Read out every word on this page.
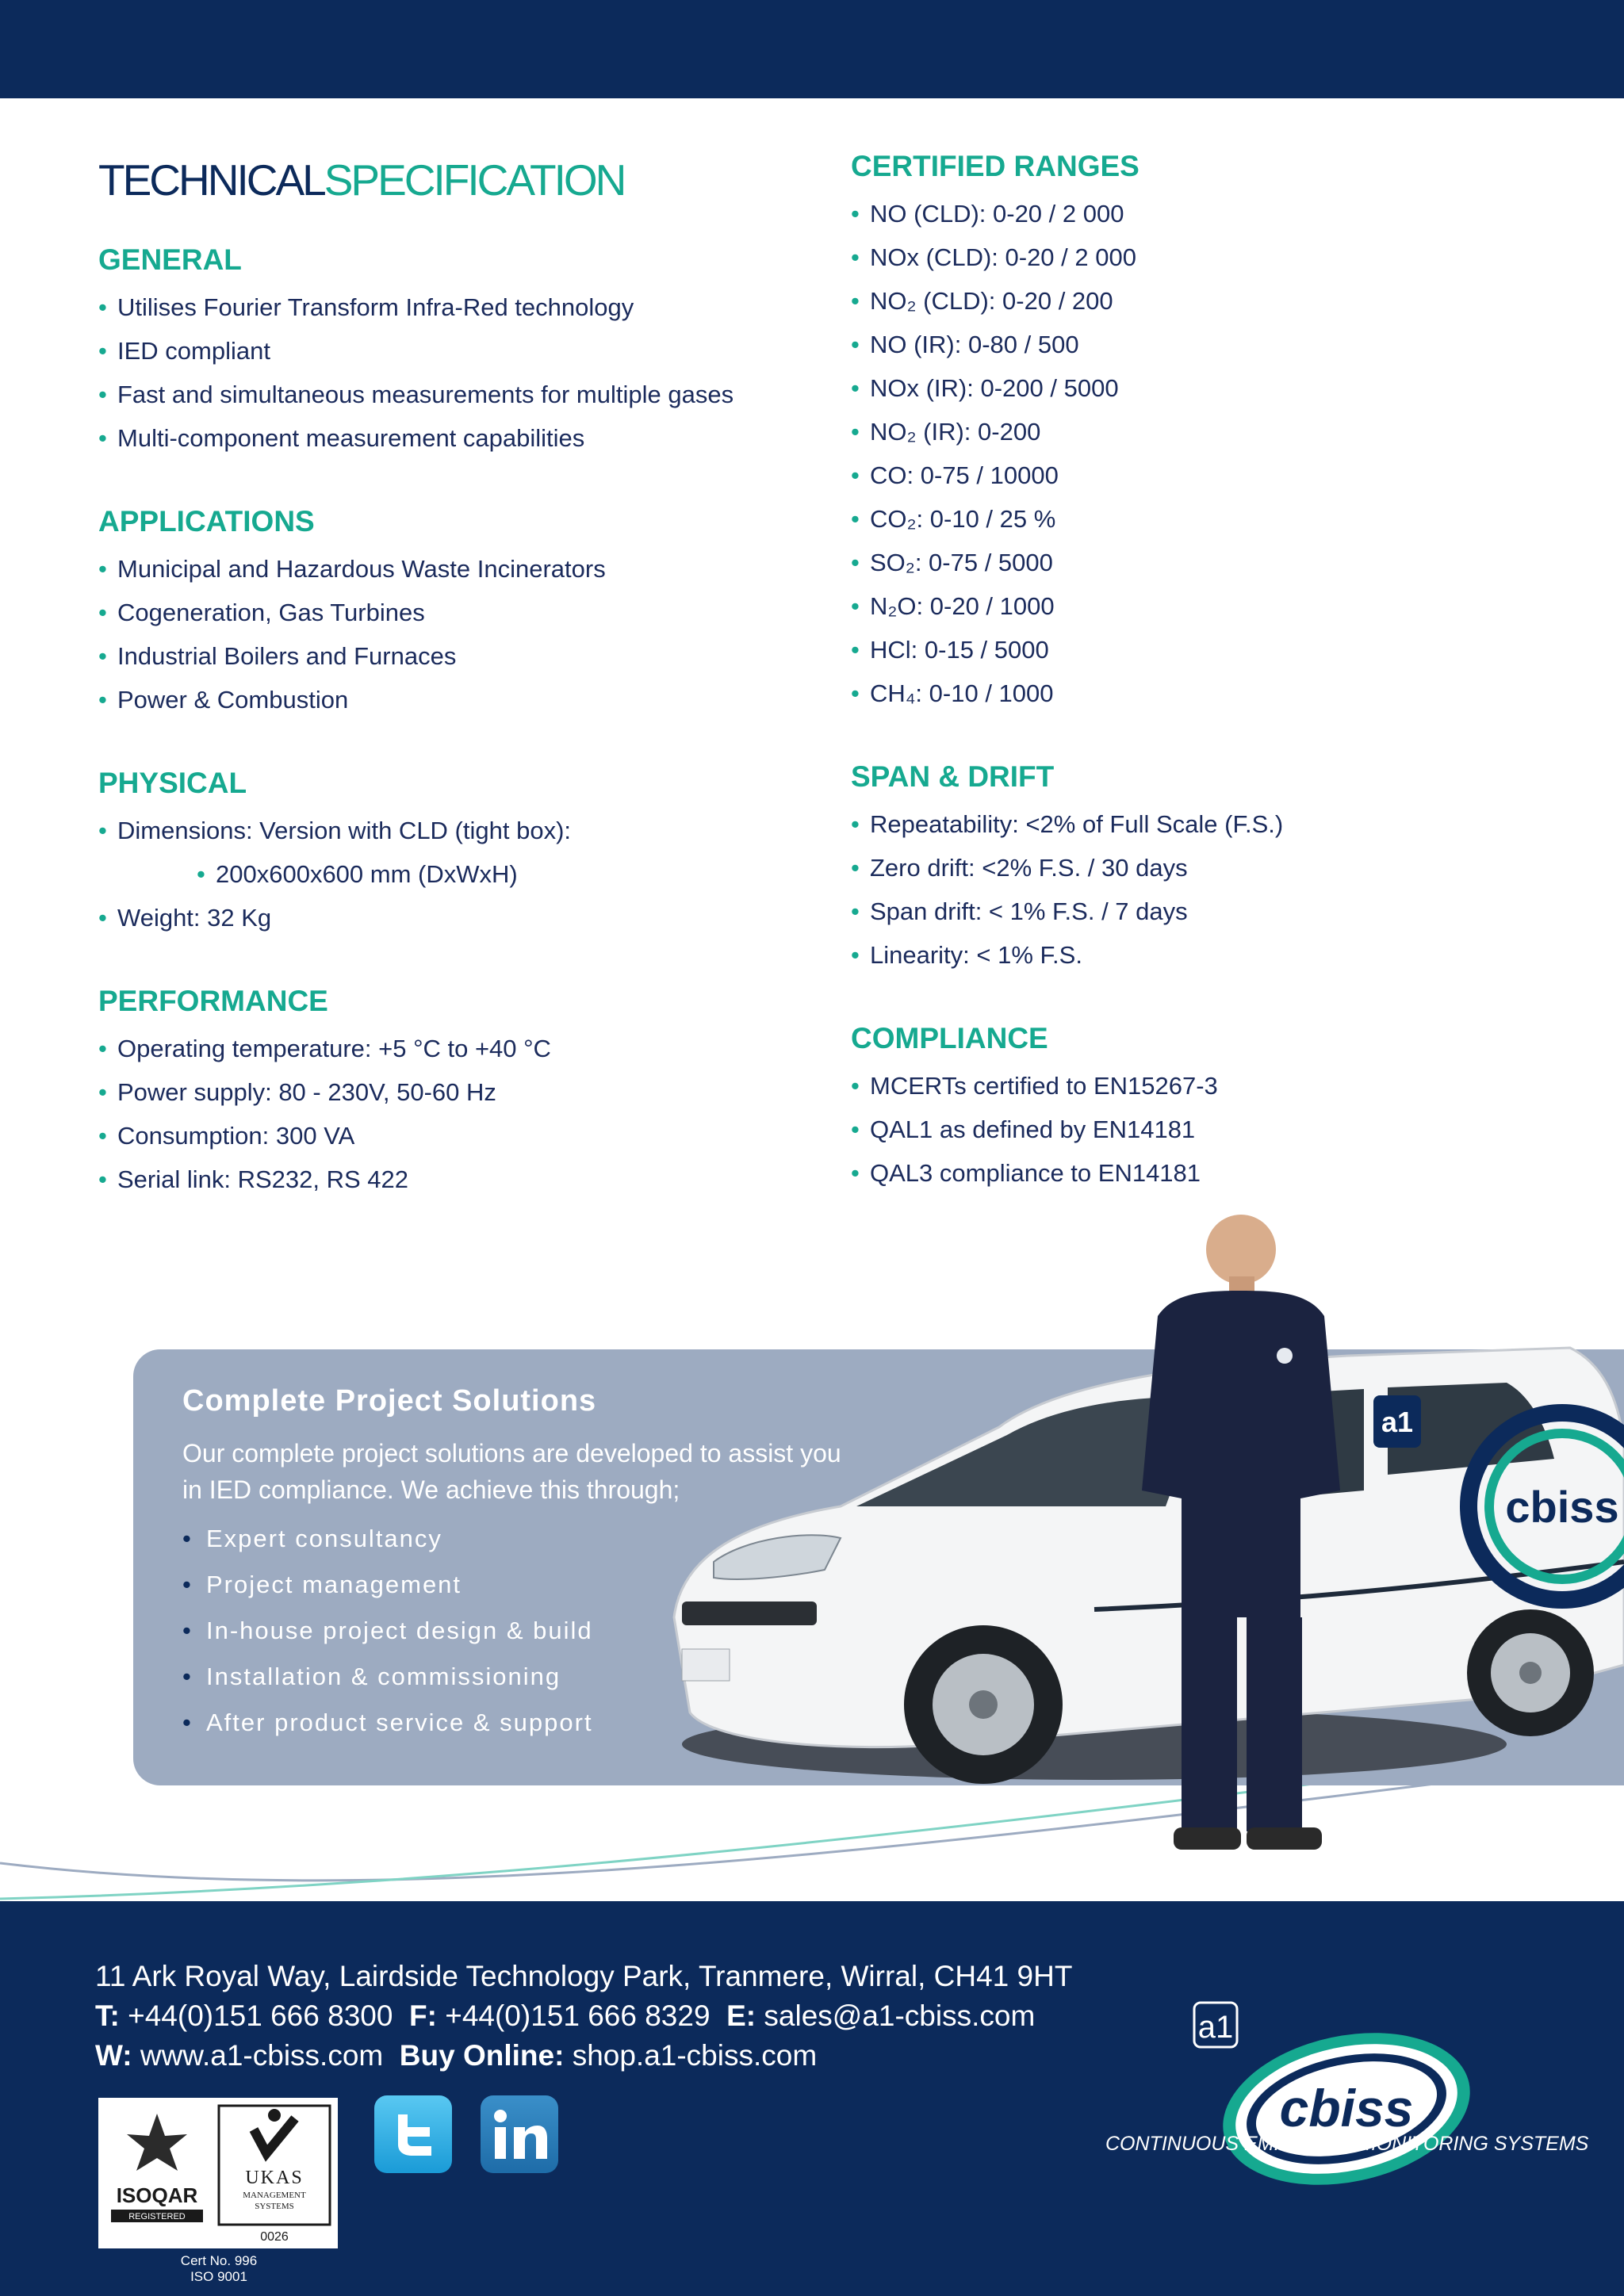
TECHNICALSPECIFICATION
GENERAL
• Utilises Fourier Transform Infra-Red technology
• IED compliant
• Fast and simultaneous measurements for multiple gases
• Multi-component measurement capabilities
APPLICATIONS
• Municipal and Hazardous Waste Incinerators
• Cogeneration, Gas Turbines
• Industrial Boilers and Furnaces
• Power & Combustion
PHYSICAL
• Dimensions: Version with CLD (tight box):
• 200x600x600 mm (DxWxH)
• Weight: 32 Kg
PERFORMANCE
• Operating temperature: +5 °C to +40 °C
• Power supply: 80 - 230V, 50-60 Hz
• Consumption: 300 VA
• Serial link: RS232, RS 422
CERTIFIED RANGES
• NO (CLD): 0-20 / 2 000
• NOx (CLD): 0-20 / 2 000
• NO₂ (CLD): 0-20 / 200
• NO (IR): 0-80 / 500
• NOx (IR): 0-200 / 5000
• NO₂ (IR): 0-200
• CO: 0-75 / 10000
• CO₂: 0-10 / 25 %
• SO₂: 0-75 / 5000
• N₂O: 0-20 / 1000
• HCl: 0-15 / 5000
• CH₄: 0-10 / 1000
SPAN & DRIFT
• Repeatability: <2% of Full Scale (F.S.)
• Zero drift: <2% F.S. / 30 days
• Span drift: < 1% F.S. / 7 days
• Linearity: < 1% F.S.
COMPLIANCE
• MCERTs certified to EN15267-3
• QAL1 as defined by EN14181
• QAL3 compliance to EN14181
Complete Project Solutions
Our complete project solutions are developed to assist you
in IED compliance. We achieve this through;
• Expert consultancy
• Project management
• In-house project design & build
• Installation & commissioning
• After product service & support
cbiss
a1
11 Ark Royal Way, Lairdside Technology Park, Tranmere, Wirral, CH41 9HT
T: +44(0)151 666 8300 F: +44(0)151 666 8329 E: sales@a1-cbiss.com
W: www.a1-cbiss.com Buy Online: shop.a1-cbiss.com
ISOQAR
REGISTERED
UKAS
MANAGEMENT
SYSTEMS
0026
Cert No. 996
ISO 9001
a1
cbiss
CONTINUOUS EMISSIONS MONITORING SYSTEMS
